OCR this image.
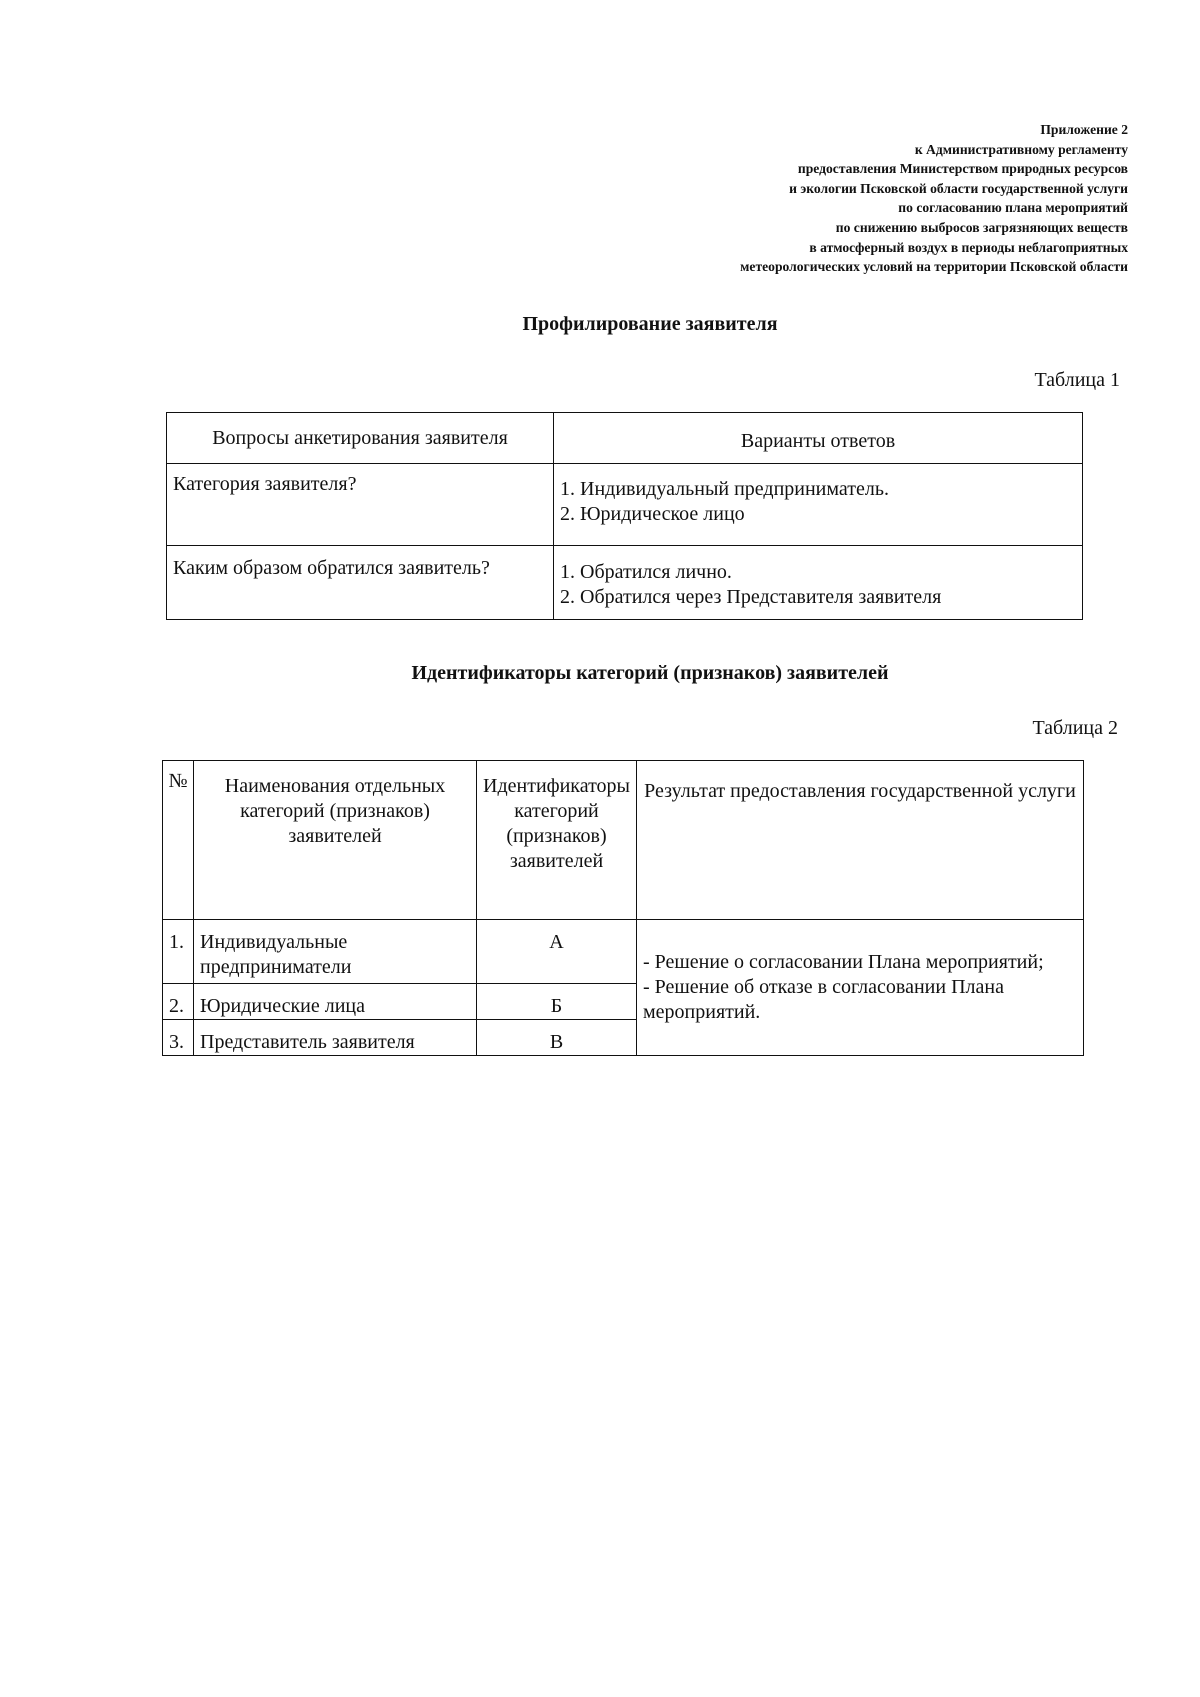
Приложение 2
к Административному регламенту
предоставления Министерством природных ресурсов
и экологии Псковской области государственной услуги
по согласованию плана мероприятий
по снижению выбросов загрязняющих веществ
в атмосферный воздух в периоды неблагоприятных
метеорологических условий на территории Псковской области
Профилирование заявителя
Таблица 1
Вопросы анкетирования заявителя	Варианты ответов
Категория заявителя?	1. Индивидуальный предприниматель.
2. Юридическое лицо

Каким образом обратился заявитель?	1. Обратился лично.
2. Обратился через Представителя заявителя
Идентификаторы категорий (признаков) заявителей
Таблица 2
№	Наименования отдельных категорий (признаков) заявителей	Идентификаторы категорий (признаков) заявителей	Результат предоставления государственной услуги
1.	Индивидуальные предприниматели	А	- Решение о согласовании Плана мероприятий;
- Решение об отказе в согласовании Плана мероприятий.

2.	Юридические лица	Б	
3.	Представитель заявителя	В	
